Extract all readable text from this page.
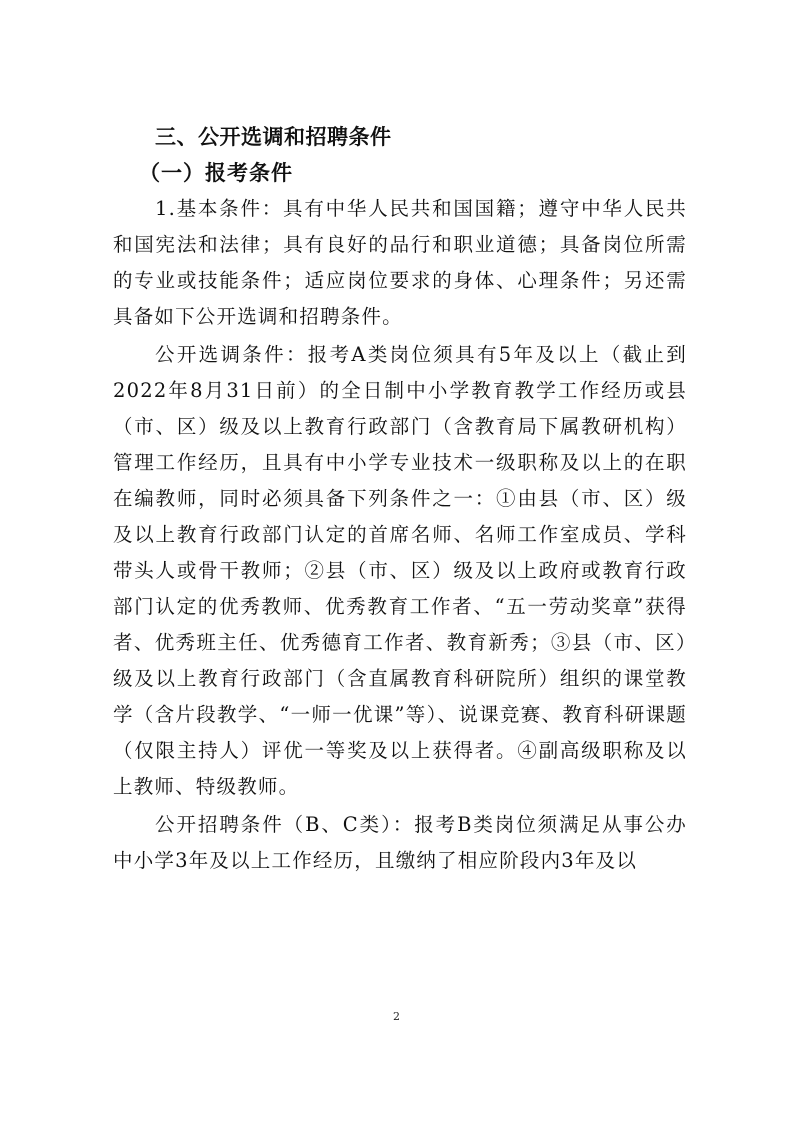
三、公开选调和招聘条件
（一）报考条件
1.基本条件：具有中华人民共和国国籍；遵守中华人民共和国宪法和法律；具有良好的品行和职业道德；具备岗位所需的专业或技能条件；适应岗位要求的身体、心理条件；另还需具备如下公开选调和招聘条件。
公开选调条件：报考A类岗位须具有5年及以上（截止到2022年8月31日前）的全日制中小学教育教学工作经历或县（市、区）级及以上教育行政部门（含教育局下属教研机构）管理工作经历，且具有中小学专业技术一级职称及以上的在职在编教师，同时必须具备下列条件之一：①由县（市、区）级及以上教育行政部门认定的首席名师、名师工作室成员、学科带头人或骨干教师；②县（市、区）级及以上政府或教育行政部门认定的优秀教师、优秀教育工作者、“五一劳动奖章”获得者、优秀班主任、优秀德育工作者、教育新秀；③县（市、区）级及以上教育行政部门（含直属教育科研院所）组织的课堂教学（含片段教学、“一师一优课”等）、说课竞赛、教育科研课题（仅限主持人）评优一等奖及以上获得者。④副高级职称及以上教师、特级教师。
公开招聘条件（B、C类）：报考B类岗位须满足从事公办中小学3年及以上工作经历，且缴纳了相应阶段内3年及以
2
